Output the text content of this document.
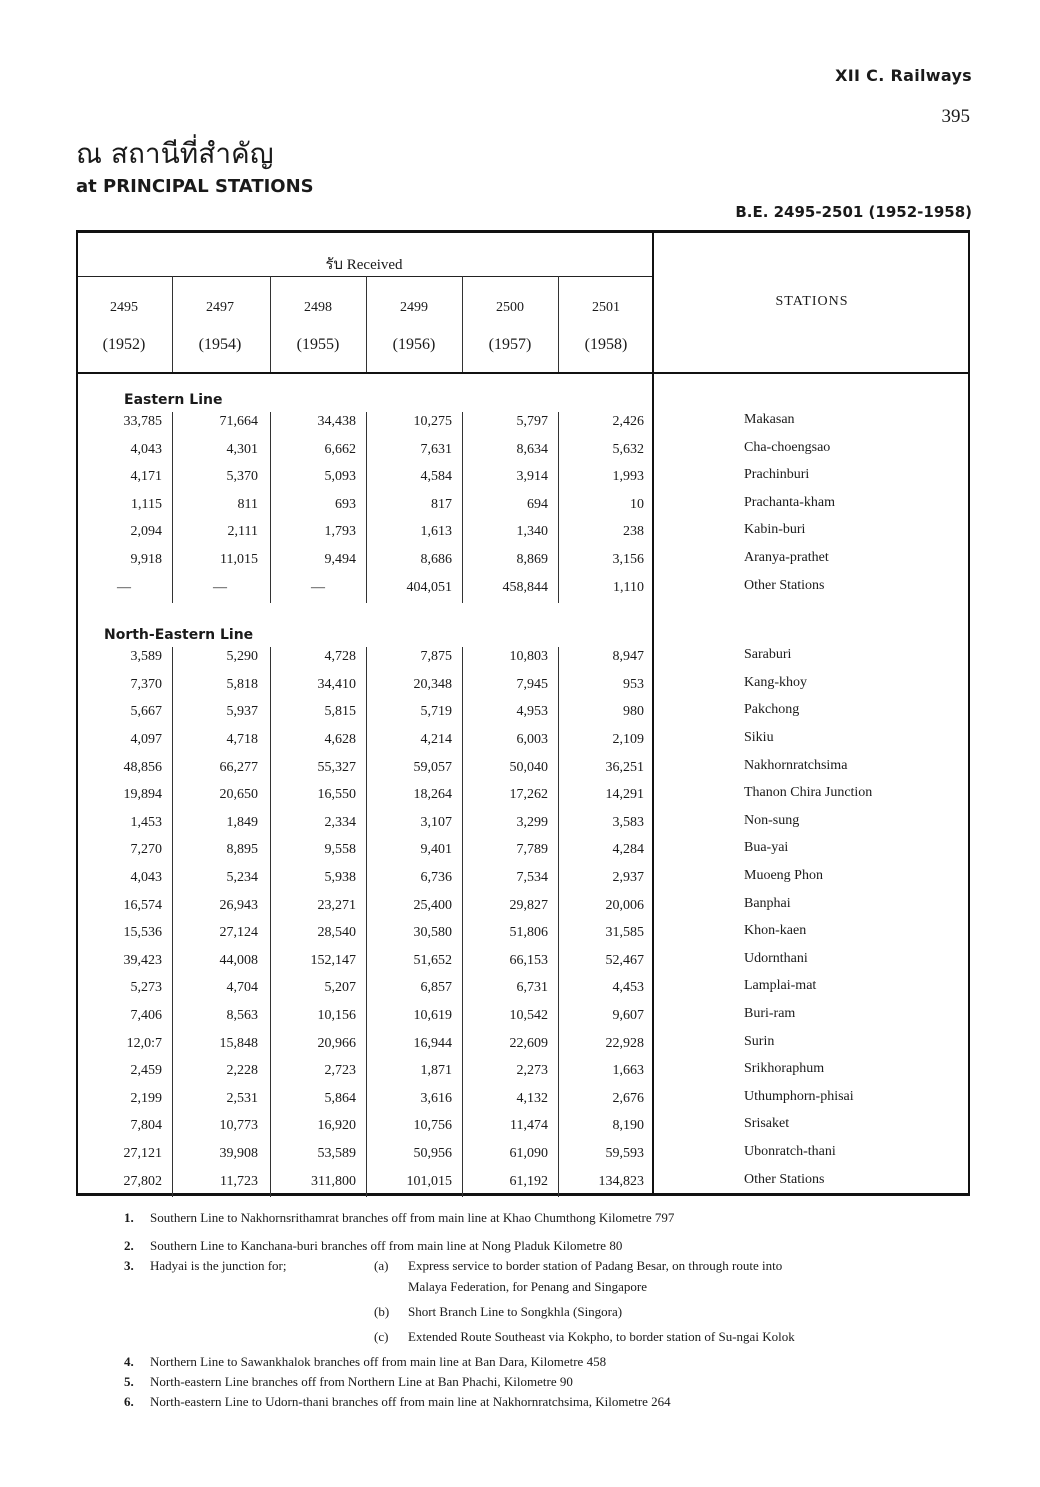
XII C. Railways
395
ณ สถานีที่สำคัญ
at PRINCIPAL STATIONS
B.E. 2495-2501 (1952-1958)
รับ Received
STATIONS
2495
(1952)
2497
(1954)
2498
(1955)
2499
(1956)
2500
(1957)
2501
(1958)
Eastern Line
33,785	71,664	34,438	10,275	5,797	2,426	Makasan
4,043	4,301	6,662	7,631	8,634	5,632	Cha-choengsao
4,171	5,370	5,093	4,584	3,914	1,993	Prachinburi
1,115	811	693	817	694	10	Prachanta-kham
2,094	2,111	1,793	1,613	1,340	238	Kabin-buri
9,918	11,015	9,494	8,686	8,869	3,156	Aranya-prathet
—	—	—	404,051	458,844	1,110	Other Stations
North-Eastern Line
3,589	5,290	4,728	7,875	10,803	8,947	Saraburi
7,370	5,818	34,410	20,348	7,945	953	Kang-khoy
5,667	5,937	5,815	5,719	4,953	980	Pakchong
4,097	4,718	4,628	4,214	6,003	2,109	Sikiu
48,856	66,277	55,327	59,057	50,040	36,251	Nakhornratchsima
19,894	20,650	16,550	18,264	17,262	14,291	Thanon Chira Junction
1,453	1,849	2,334	3,107	3,299	3,583	Non-sung
7,270	8,895	9,558	9,401	7,789	4,284	Bua-yai
4,043	5,234	5,938	6,736	7,534	2,937	Muoeng Phon
16,574	26,943	23,271	25,400	29,827	20,006	Banphai
15,536	27,124	28,540	30,580	51,806	31,585	Khon-kaen
39,423	44,008	152,147	51,652	66,153	52,467	Udornthani
5,273	4,704	5,207	6,857	6,731	4,453	Lamplai-mat
7,406	8,563	10,156	10,619	10,542	9,607	Buri-ram
12,0:7	15,848	20,966	16,944	22,609	22,928	Surin
2,459	2,228	2,723	1,871	2,273	1,663	Srikhoraphum
2,199	2,531	5,864	3,616	4,132	2,676	Uthumphorn-phisai
7,804	10,773	16,920	10,756	11,474	8,190	Srisaket
27,121	39,908	53,589	50,956	61,090	59,593	Ubonratch-thani
27,802	11,723	311,800	101,015	61,192	134,823	Other Stations
1. Southern Line to Nakhornsrithamrat branches off from main line at Khao Chumthong Kilometre 797
2. Southern Line to Kanchana-buri branches off from main line at Nong Pladuk Kilometre 80
3. Hadyai is the junction for;	(a) Express service to border station of Padang Besar, on through route into
Malaya Federation, for Penang and Singapore
(b) Short Branch Line to Songkhla (Singora)
(c) Extended Route Southeast via Kokpho, to border station of Su-ngai Kolok
4. Northern Line to Sawankhalok branches off from main line at Ban Dara, Kilometre 458
5. North-eastern Line branches off from Northern Line at Ban Phachi, Kilometre 90
6. North-eastern Line to Udorn-thani branches off from main line at Nakhornratchsima, Kilometre 264
